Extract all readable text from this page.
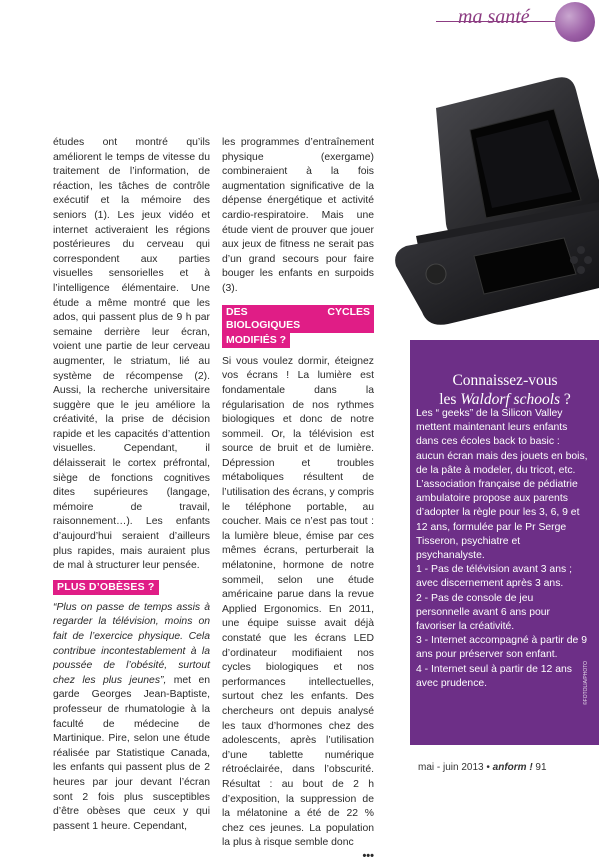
ma santé

études ont montré qu’ils améliorent le temps de vitesse du traitement de l’information, de réaction, les tâches de contrôle exécutif et la mémoire des seniors (1). Les jeux vidéo et internet activeraient les régions postérieures du cerveau qui correspondent aux parties visuelles sensorielles et à l’intelligence élémentaire. Une étude a même montré que les ados, qui passent plus de 9 h par semaine derrière leur écran, voient une partie de leur cerveau augmenter, le striatum, lié au système de récompense (2). Aussi, la recherche universitaire suggère que le jeu améliore la créativité, la prise de décision rapide et les capacités d’attention visuelles. Cependant, il délaisserait le cortex préfrontal, siège de fonctions cognitives dites supérieures (langage, mémoire de travail, raisonnement…). Les enfants d’aujourd’hui seraient d’ailleurs plus rapides, mais auraient plus de mal à structurer leur pensée.

PLUS D’OBÈSES ?

“Plus on passe de temps assis à regarder la télévision, moins on fait de l’exercice physique. Cela contribue incontestablement à la poussée de l’obésité, surtout chez les plus jeunes”, met en garde Georges Jean-Baptiste, professeur de rhumatologie à la faculté de médecine de Martinique. Pire, selon une étude réalisée par Statistique Canada, les enfants qui passent plus de 2 heures par jour devant l’écran sont 2 fois plus susceptibles d’être obèses que ceux y qui passent 1 heure. Cependant,

les programmes d’entraînement physique (exergame) combineraient à la fois augmentation significative de la dépense énergétique et activité cardio-respiratoire. Mais une étude vient de prouver que jouer aux jeux de fitness ne serait pas d’un grand secours pour faire bouger les enfants en surpoids (3).

DES CYCLES BIOLOGIQUES
MODIFIÉS ?

Si vous voulez dormir, éteignez vos écrans ! La lumière est fondamentale dans la régularisation de nos rythmes biologiques et donc de notre sommeil. Or, la télévision est source de bruit et de lumière. Dépression et troubles métaboliques résultent de l’utilisation des écrans, y compris le téléphone portable, au coucher. Mais ce n’est pas tout : la lumière bleue, émise par ces mêmes écrans, perturberait la mélatonine, hormone de notre sommeil, selon une étude américaine parue dans la revue Applied Ergonomics. En 2011, une équipe suisse avait déjà constaté que les écrans LED d’ordinateur modifiaient nos cycles biologiques et nos performances intellectuelles, surtout chez les enfants. Des chercheurs ont depuis analysé les taux d’hormones chez des adolescents, après l’utilisation d’une tablette numérique rétroéclairée, dans l’obscurité. Résultat : au bout de 2 h d’exposition, la suppression de la mélatonine a été de 22 % chez ces jeunes. La population la plus à risque semble donc

•••
Connaissez-vous
les Waldorf schools ?

Les “ geeks” de la Silicon Valley mettent maintenant leurs enfants dans ces écoles back to basic : aucun écran mais des jouets en bois, de la pâte à modeler, du tricot, etc. L’association française de pédiatrie ambulatoire propose aux parents d’adopter la règle pour les 3, 6, 9 et 12 ans, formulée par le Pr Serge Tisseron, psychiatre et psychanalyste.

1 - Pas de télévision avant 3 ans ; avec discernement après 3 ans.

2 - Pas de console de jeu personnelle avant 6 ans pour favoriser la créativité.

3 - Internet accompagné à partir de 9 ans pour préserver son enfant.

4 - Internet seul à partir de 12 ans avec prudence.	©FOTOLIA/PHOTO
mai - juin 2013 • anform ! 91
